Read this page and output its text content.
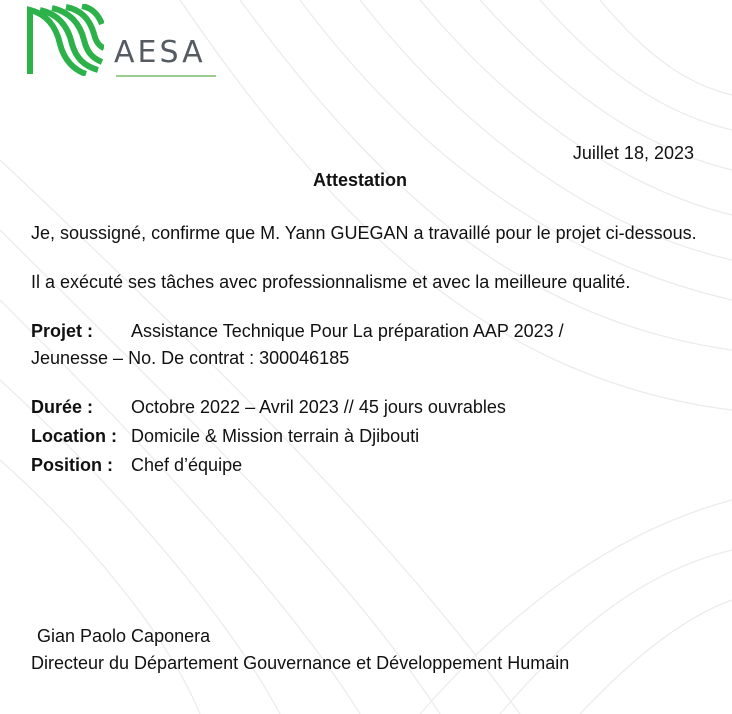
AESA
Juillet 18, 2023
Attestation

Je, soussigné, confirme que M. Yann GUEGAN a travaillé pour le projet ci-dessous.

Il a exécuté ses tâches avec professionnalisme et avec la meilleure qualité.

Projet :	Assistance Technique Pour La préparation AAP 2023 /
Jeunesse – No. De contrat : 300046185
Durée :	Octobre 2022 – Avril 2023 // 45 jours ouvrables
Location : Domicile & Mission terrain à Djibouti
Position :	Chef d’équipe
Gian Paolo Caponera
Directeur du Département Gouvernance et Développement Humain
